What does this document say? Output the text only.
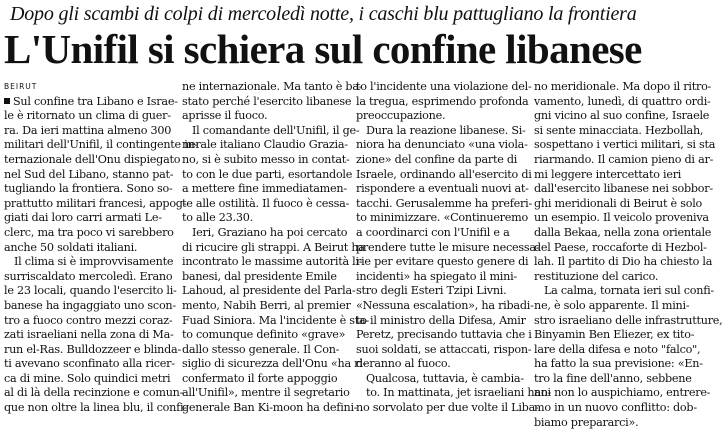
Dopo gli scambi di colpi di mercoledì notte, i caschi blu pattugliano la frontiera
L'Unifil si schiera sul confine libanese
BEIRUT
Sul confine tra Libano e Israe-
le è ritornato un clima di guer-
ra. Da ieri mattina almeno 300
militari dell'Unifil, il contingente in-
ternazionale dell'Onu dispiegato
nel Sud del Libano, stanno pat-
tugliando la frontiera. Sono so-
prattutto militari francesi, appog-
giati dai loro carri armati Le-
clerc, ma tra poco vi sarebbero
anche 50 soldati italiani.
Il clima si è improvvisamente
surriscaldato mercoledì. Erano
le 23 locali, quando l'esercito li-
banese ha ingaggiato uno scon-
tro a fuoco contro mezzi coraz-
zati israeliani nella zona di Ma-
run el-Ras. Bulldozzeer e blinda-
ti avevano sconfinato alla ricer-
ca di mine. Solo quindici metri
al di là della recinzione e comun-
que non oltre la linea blu, il confi-
ne internazionale. Ma tanto è ba-
stato perché l'esercito libanese
aprisse il fuoco.
Il comandante dell'Unifil, il ge-
nerale italiano Claudio Grazia-
no, si è subito messo in contat-
to con le due parti, esortandole
a mettere fine immediatamen-
te alle ostilità. Il fuoco è cessa-
to alle 23.30.
Ieri, Graziano ha poi cercato
di ricucire gli strappi. A Beirut ha
incontrato le massime autorità li-
banesi, dal presidente Emile
Lahoud, al presidente del Parla-
mento, Nabih Berri, al premier
Fuad Siniora. Ma l'incidente è sta-
to comunque definito «grave»
dallo stesso generale. Il Con-
siglio di sicurezza dell'Onu «ha ri-
confermato il forte appoggio
all'Unifil», mentre il segretario
generale Ban Ki-moon ha defini-
to l'incidente una violazione del-
la tregua, esprimendo profonda
preoccupazione.
Dura la reazione libanese. Si-
niora ha denunciato «una viola-
zione» del confine da parte di
Israele, ordinando all'esercito di
rispondere a eventuali nuovi at-
tacchi. Gerusalemme ha preferi-
to minimizzare. «Continueremo
a coordinarci con l'Unifil e a
prendere tutte le misure necessa-
rie per evitare questo genere di
incidenti» ha spiegato il mini-
stro degli Esteri Tzipi Livni.
«Nessuna escalation», ha ribadi-
to il ministro della Difesa, Amir
Peretz, precisando tuttavia che i
suoi soldati, se attaccati, rispon-
deranno al fuoco.
Qualcosa, tuttavia, è cambia-
to. In mattinata, jet israeliani han-
no sorvolato per due volte il Liba-
no meridionale. Ma dopo il ritro-
vamento, lunedì, di quattro ordi-
gni vicino al suo confine, Israele
si sente minacciata. Hezbollah,
sospettano i vertici militari, si sta
riarmando. Il camion pieno di ar-
mi leggere intercettato ieri
dall'esercito libanese nei sobbor-
ghi meridionali di Beirut è solo
un esempio. Il veicolo proveniva
dalla Bekaa, nella zona orientale
del Paese, roccaforte di Hezbol-
lah. Il partito di Dio ha chiesto la
restituzione del carico.
La calma, tornata ieri sul confi-
ne, è solo apparente. Il mini-
stro israeliano delle infrastrutture,
Binyamin Ben Eliezer, ex tito-
lare della difesa e noto "falco",
ha fatto la sua previsione: «En-
tro la fine dell'anno, sebbene
noi non lo auspichiamo, entrere-
mo in un nuovo conflitto: dob-
biamo prepararci».
